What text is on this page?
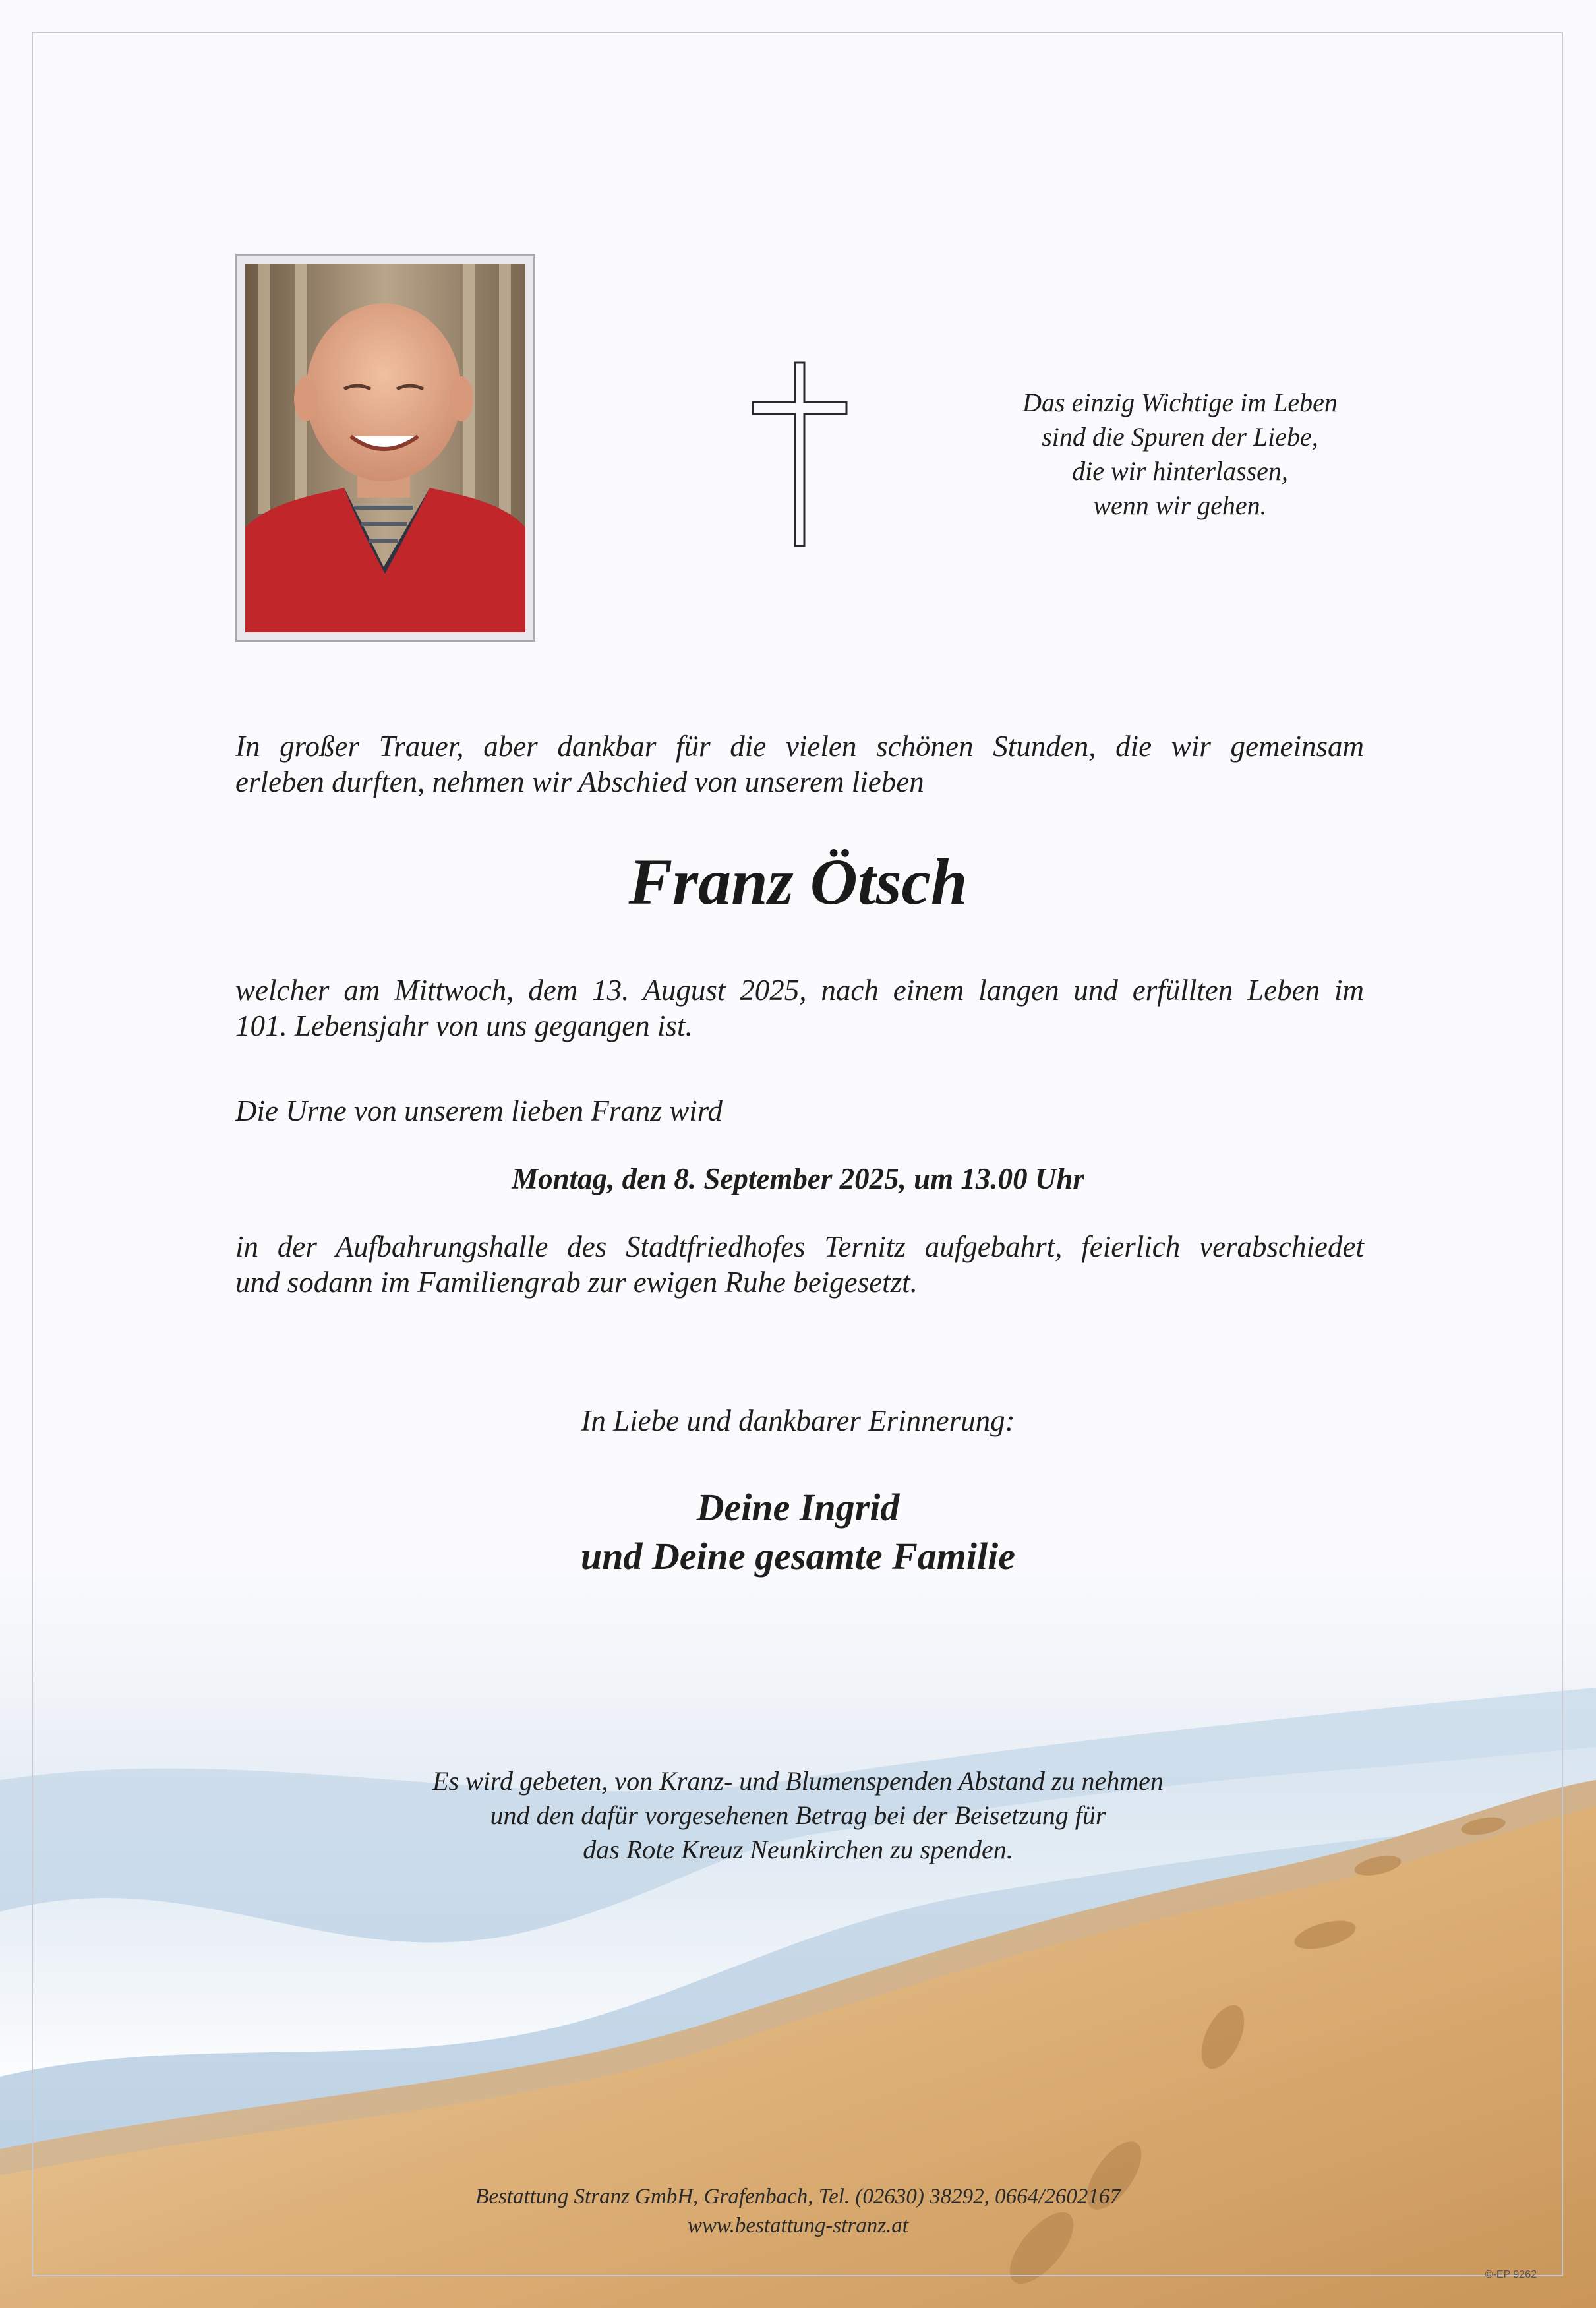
Das einzig Wichtige im Leben
sind die Spuren der Liebe,
die wir hinterlassen,
wenn wir gehen.
In großer Trauer, aber dankbar für die vielen schönen Stunden, die wir gemeinsam
erleben durften, nehmen wir Abschied von unserem lieben
Franz Ötsch
welcher am Mittwoch, dem 13. August 2025, nach einem langen und erfüllten Leben im
101. Lebensjahr von uns gegangen ist.
Die Urne von unserem lieben Franz wird
Montag, den 8. September 2025, um 13.00 Uhr
in der Aufbahrungshalle des Stadtfriedhofes Ternitz aufgebahrt, feierlich verabschiedet
und sodann im Familiengrab zur ewigen Ruhe beigesetzt.
In Liebe und dankbarer Erinnerung:
Deine Ingrid
und Deine gesamte Familie
Es wird gebeten, von Kranz- und Blumenspenden Abstand zu nehmen
und den dafür vorgesehenen Betrag bei der Beisetzung für
das Rote Kreuz Neunkirchen zu spenden.
Bestattung Stranz GmbH, Grafenbach, Tel. (02630) 38292, 0664/2602167
www.bestattung-stranz.at
©-EP 9262
